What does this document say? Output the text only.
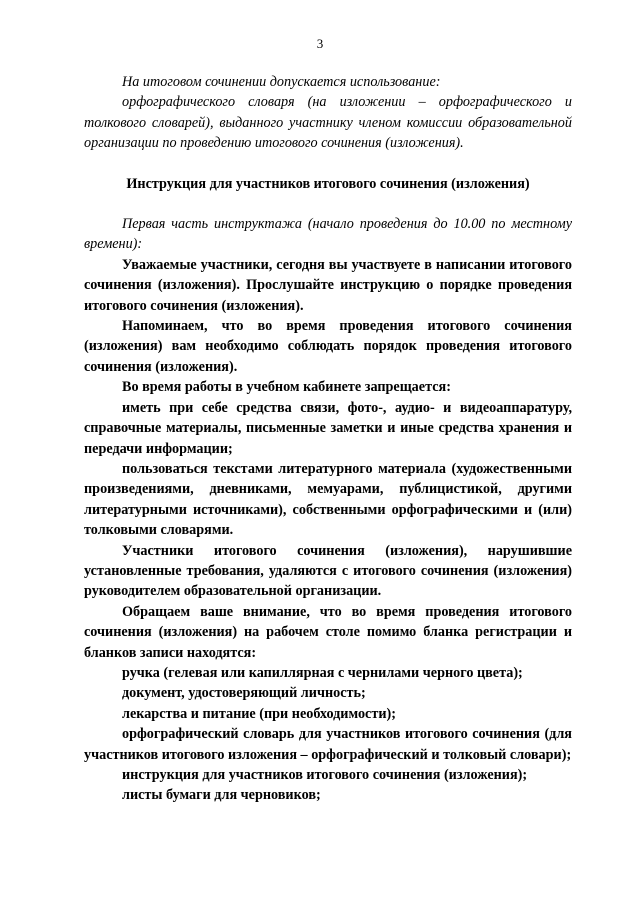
3

На итоговом сочинении допускается использование:

орфографического словаря (на изложении – орфографического и толкового словарей), выданного участнику членом комиссии образовательной организации по проведению итогового сочинения (изложения).

Инструкция для участников итогового сочинения (изложения)

Первая часть инструктажа (начало проведения до 10.00 по местному времени):

Уважаемые участники, сегодня вы участвуете в написании итогового сочинения (изложения). Прослушайте инструкцию о порядке проведения итогового сочинения (изложения).

Напоминаем, что во время проведения итогового сочинения (изложения) вам необходимо соблюдать порядок проведения итогового сочинения (изложения).

Во время работы в учебном кабинете запрещается:

иметь при себе средства связи, фото-, аудио- и видеоаппаратуру, справочные материалы, письменные заметки и иные средства хранения и передачи информации;

пользоваться текстами литературного материала (художественными произведениями, дневниками, мемуарами, публицистикой, другими литературными источниками), собственными орфографическими и (или) толковыми словарями.

Участники итогового сочинения (изложения), нарушившие установленные требования, удаляются с итогового сочинения (изложения) руководителем образовательной организации.

Обращаем ваше внимание, что во время проведения итогового сочинения (изложения) на рабочем столе помимо бланка регистрации и бланков записи находятся:

ручка (гелевая или капиллярная с чернилами черного цвета);

документ, удостоверяющий личность;

лекарства и питание (при необходимости);

орфографический словарь для участников итогового сочинения (для участников итогового изложения – орфографический и толковый словари);

инструкция для участников итогового сочинения (изложения);

листы бумаги для черновиков;
